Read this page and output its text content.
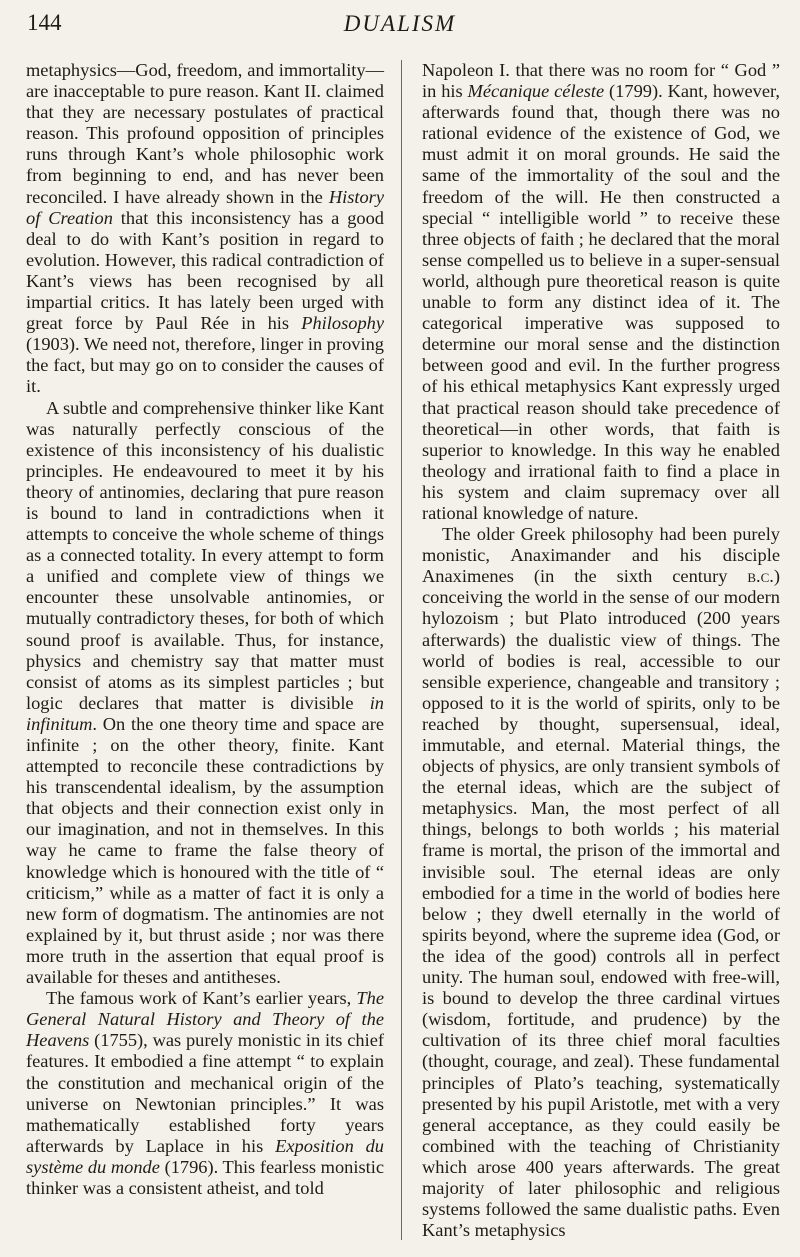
144	DUALISM

metaphysics—God, freedom, and immortality—are inacceptable to pure reason. Kant II. claimed that they are necessary postulates of practical reason. This profound opposition of principles runs through Kant’s whole philosophic work from beginning to end, and has never been reconciled. I have already shown in the History of Creation that this inconsistency has a good deal to do with Kant’s position in regard to evolution. However, this radical contradiction of Kant’s views has been recognised by all impartial critics. It has lately been urged with great force by Paul Rée in his Philosophy (1903). We need not, therefore, linger in proving the fact, but may go on to consider the causes of it.

A subtle and comprehensive thinker like Kant was naturally perfectly conscious of the existence of this inconsistency of his dualistic principles. He endeavoured to meet it by his theory of antinomies, declaring that pure reason is bound to land in contradictions when it attempts to conceive the whole scheme of things as a connected totality. In every attempt to form a unified and complete view of things we encounter these unsolvable antinomies, or mutually contradictory theses, for both of which sound proof is available. Thus, for instance, physics and chemistry say that matter must consist of atoms as its simplest particles ; but logic declares that matter is divisible in infinitum. On the one theory time and space are infinite ; on the other theory, finite. Kant attempted to reconcile these contradictions by his transcendental idealism, by the assumption that objects and their connection exist only in our imagination, and not in themselves. In this way he came to frame the false theory of knowledge which is honoured with the title of “ criticism,” while as a matter of fact it is only a new form of dogmatism. The antinomies are not explained by it, but thrust aside ; nor was there more truth in the assertion that equal proof is available for theses and antitheses.

The famous work of Kant’s earlier years, The General Natural History and Theory of the Heavens (1755), was purely monistic in its chief features. It embodied a fine attempt “ to explain the constitution and mechanical origin of the universe on Newtonian principles.” It was mathematically established forty years afterwards by Laplace in his Exposition du système du monde (1796). This fearless monistic thinker was a consistent atheist, and told

Napoleon I. that there was no room for “ God ” in his Mécanique céleste (1799). Kant, however, afterwards found that, though there was no rational evidence of the existence of God, we must admit it on moral grounds. He said the same of the immortality of the soul and the freedom of the will. He then constructed a special “ intelligible world ” to receive these three objects of faith ; he declared that the moral sense compelled us to believe in a super-sensual world, although pure theoretical reason is quite unable to form any distinct idea of it. The categorical imperative was supposed to determine our moral sense and the distinction between good and evil. In the further progress of his ethical metaphysics Kant expressly urged that practical reason should take precedence of theoretical—in other words, that faith is superior to knowledge. In this way he enabled theology and irrational faith to find a place in his system and claim supremacy over all rational knowledge of nature.

The older Greek philosophy had been purely monistic, Anaximander and his disciple Anaximenes (in the sixth century b.c.) conceiving the world in the sense of our modern hylozoism ; but Plato introduced (200 years afterwards) the dualistic view of things. The world of bodies is real, accessible to our sensible experience, changeable and transitory ; opposed to it is the world of spirits, only to be reached by thought, supersensual, ideal, immutable, and eternal. Material things, the objects of physics, are only transient symbols of the eternal ideas, which are the subject of metaphysics. Man, the most perfect of all things, belongs to both worlds ; his material frame is mortal, the prison of the immortal and invisible soul. The eternal ideas are only embodied for a time in the world of bodies here below ; they dwell eternally in the world of spirits beyond, where the supreme idea (God, or the idea of the good) controls all in perfect unity. The human soul, endowed with free-will, is bound to develop the three cardinal virtues (wisdom, fortitude, and prudence) by the cultivation of its three chief moral faculties (thought, courage, and zeal). These fundamental principles of Plato’s teaching, systematically presented by his pupil Aristotle, met with a very general acceptance, as they could easily be combined with the teaching of Christianity which arose 400 years afterwards. The great majority of later philosophic and religious systems followed the same dualistic paths. Even Kant’s metaphysics
